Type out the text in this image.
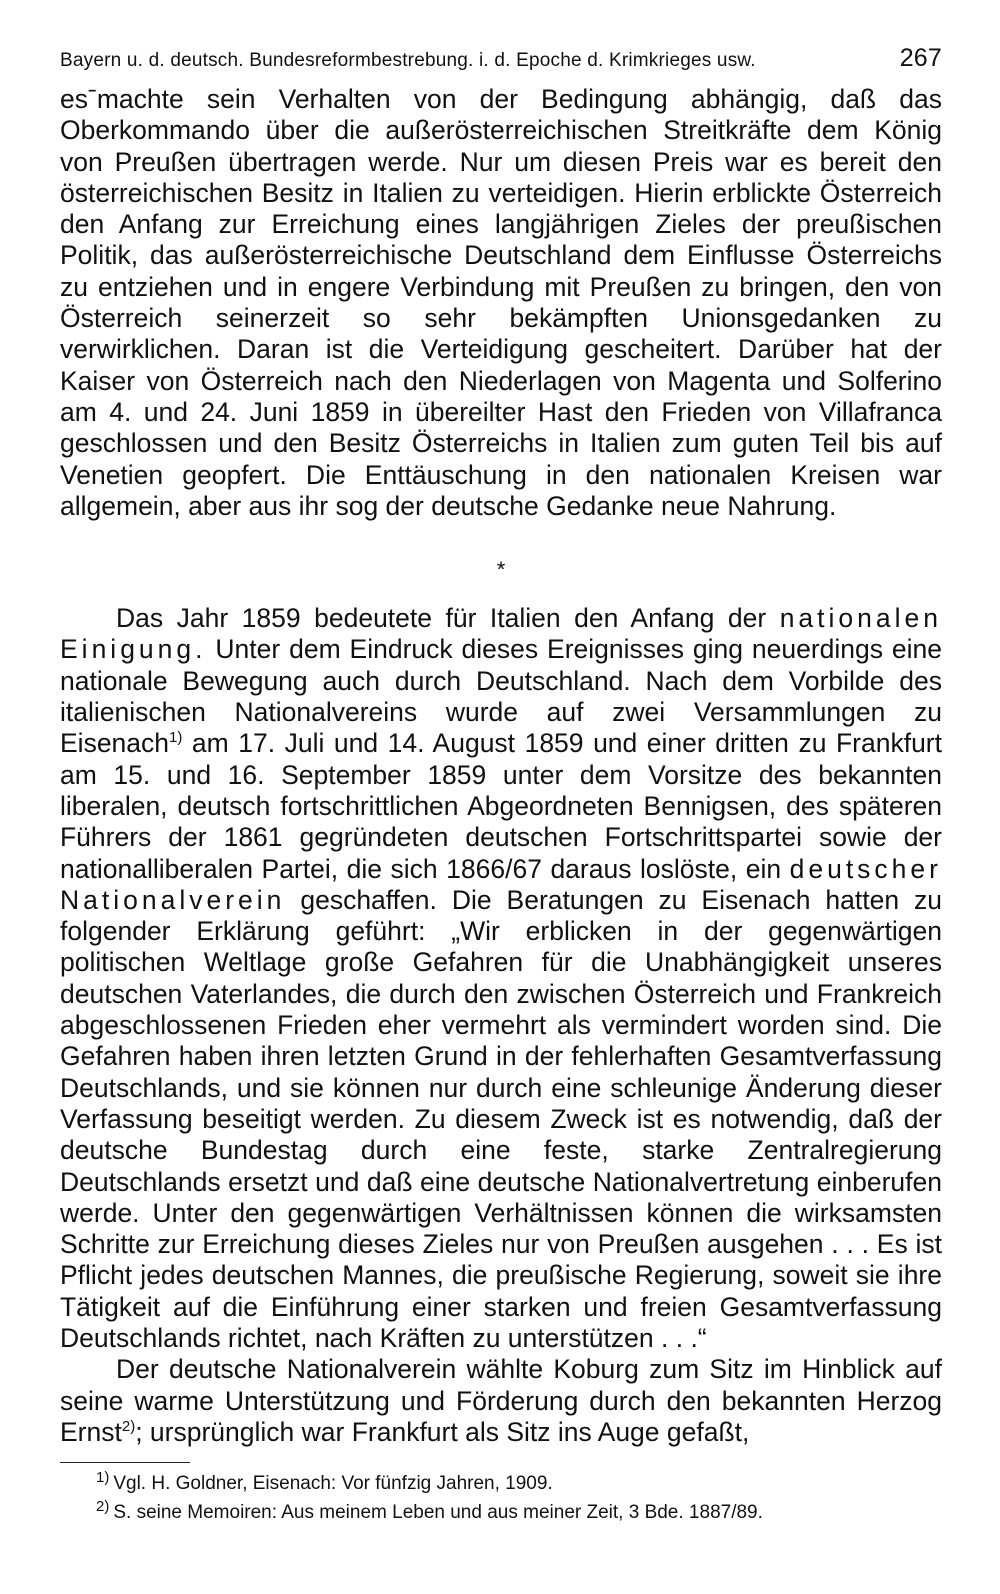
Bayern u. d. deutsch. Bundesreformbestrebung. i. d. Epoche d. Krimkrieges usw.	267

esˉmachte sein Verhalten von der Bedingung abhängig, daß das Oberkommando über die außerösterreichischen Streitkräfte dem König von Preußen übertragen werde. Nur um diesen Preis war es bereit den österreichischen Besitz in Italien zu verteidigen. Hierin erblickte Österreich den Anfang zur Erreichung eines langjährigen Zieles der preußischen Politik, das außerösterreichische Deutschland dem Einflusse Österreichs zu entziehen und in engere Verbindung mit Preußen zu bringen, den von Österreich seinerzeit so sehr bekämpften Unionsgedanken zu verwirklichen. Daran ist die Verteidigung gescheitert. Darüber hat der Kaiser von Österreich nach den Niederlagen von Magenta und Solferino am 4. und 24. Juni 1859 in übereilter Hast den Frieden von Villafranca geschlossen und den Besitz Österreichs in Italien zum guten Teil bis auf Venetien geopfert. Die Enttäuschung in den nationalen Kreisen war allgemein, aber aus ihr sog der deutsche Gedanke neue Nahrung.

*

Das Jahr 1859 bedeutete für Italien den Anfang der nationalen Einigung. Unter dem Eindruck dieses Ereignisses ging neuerdings eine nationale Bewegung auch durch Deutschland. Nach dem Vorbilde des italienischen Nationalvereins wurde auf zwei Versammlungen zu Eisenach$^{1)}$ am 17. Juli und 14. August 1859 und einer dritten zu Frankfurt am 15. und 16. September 1859 unter dem Vorsitze des bekannten liberalen, deutsch fortschrittlichen Abgeordneten Bennigsen, des späteren Führers der 1861 gegründeten deutschen Fortschrittspartei sowie der nationalliberalen Partei, die sich 1866/67 daraus loslöste, ein deutscher Nationalverein geschaffen. Die Beratungen zu Eisenach hatten zu folgender Erklärung geführt: „Wir erblicken in der gegenwärtigen politischen Weltlage große Gefahren für die Unabhängigkeit unseres deutschen Vaterlandes, die durch den zwischen Österreich und Frankreich abgeschlossenen Frieden eher vermehrt als vermindert worden sind. Die Gefahren haben ihren letzten Grund in der fehlerhaften Gesamtverfassung Deutschlands, und sie können nur durch eine schleunige Änderung dieser Verfassung beseitigt werden. Zu diesem Zweck ist es notwendig, daß der deutsche Bundestag durch eine feste, starke Zentralregierung Deutschlands ersetzt und daß eine deutsche Nationalvertretung einberufen werde. Unter den gegenwärtigen Verhältnissen können die wirksamsten Schritte zur Erreichung dieses Zieles nur von Preußen ausgehen . . . Es ist Pflicht jedes deutschen Mannes, die preußische Regierung, soweit sie ihre Tätigkeit auf die Einführung einer starken und freien Gesamtverfassung Deutschlands richtet, nach Kräften zu unterstützen . . .“

Der deutsche Nationalverein wählte Koburg zum Sitz im Hinblick auf seine warme Unterstützung und Förderung durch den bekannten Herzog Ernst$^{2)}$; ursprünglich war Frankfurt als Sitz ins Auge gefaßt,

$^{1)}$ Vgl. H. Goldner, Eisenach: Vor fünfzig Jahren, 1909.
$^{2)}$ S. seine Memoiren: Aus meinem Leben und aus meiner Zeit, 3 Bde. 1887/89.
